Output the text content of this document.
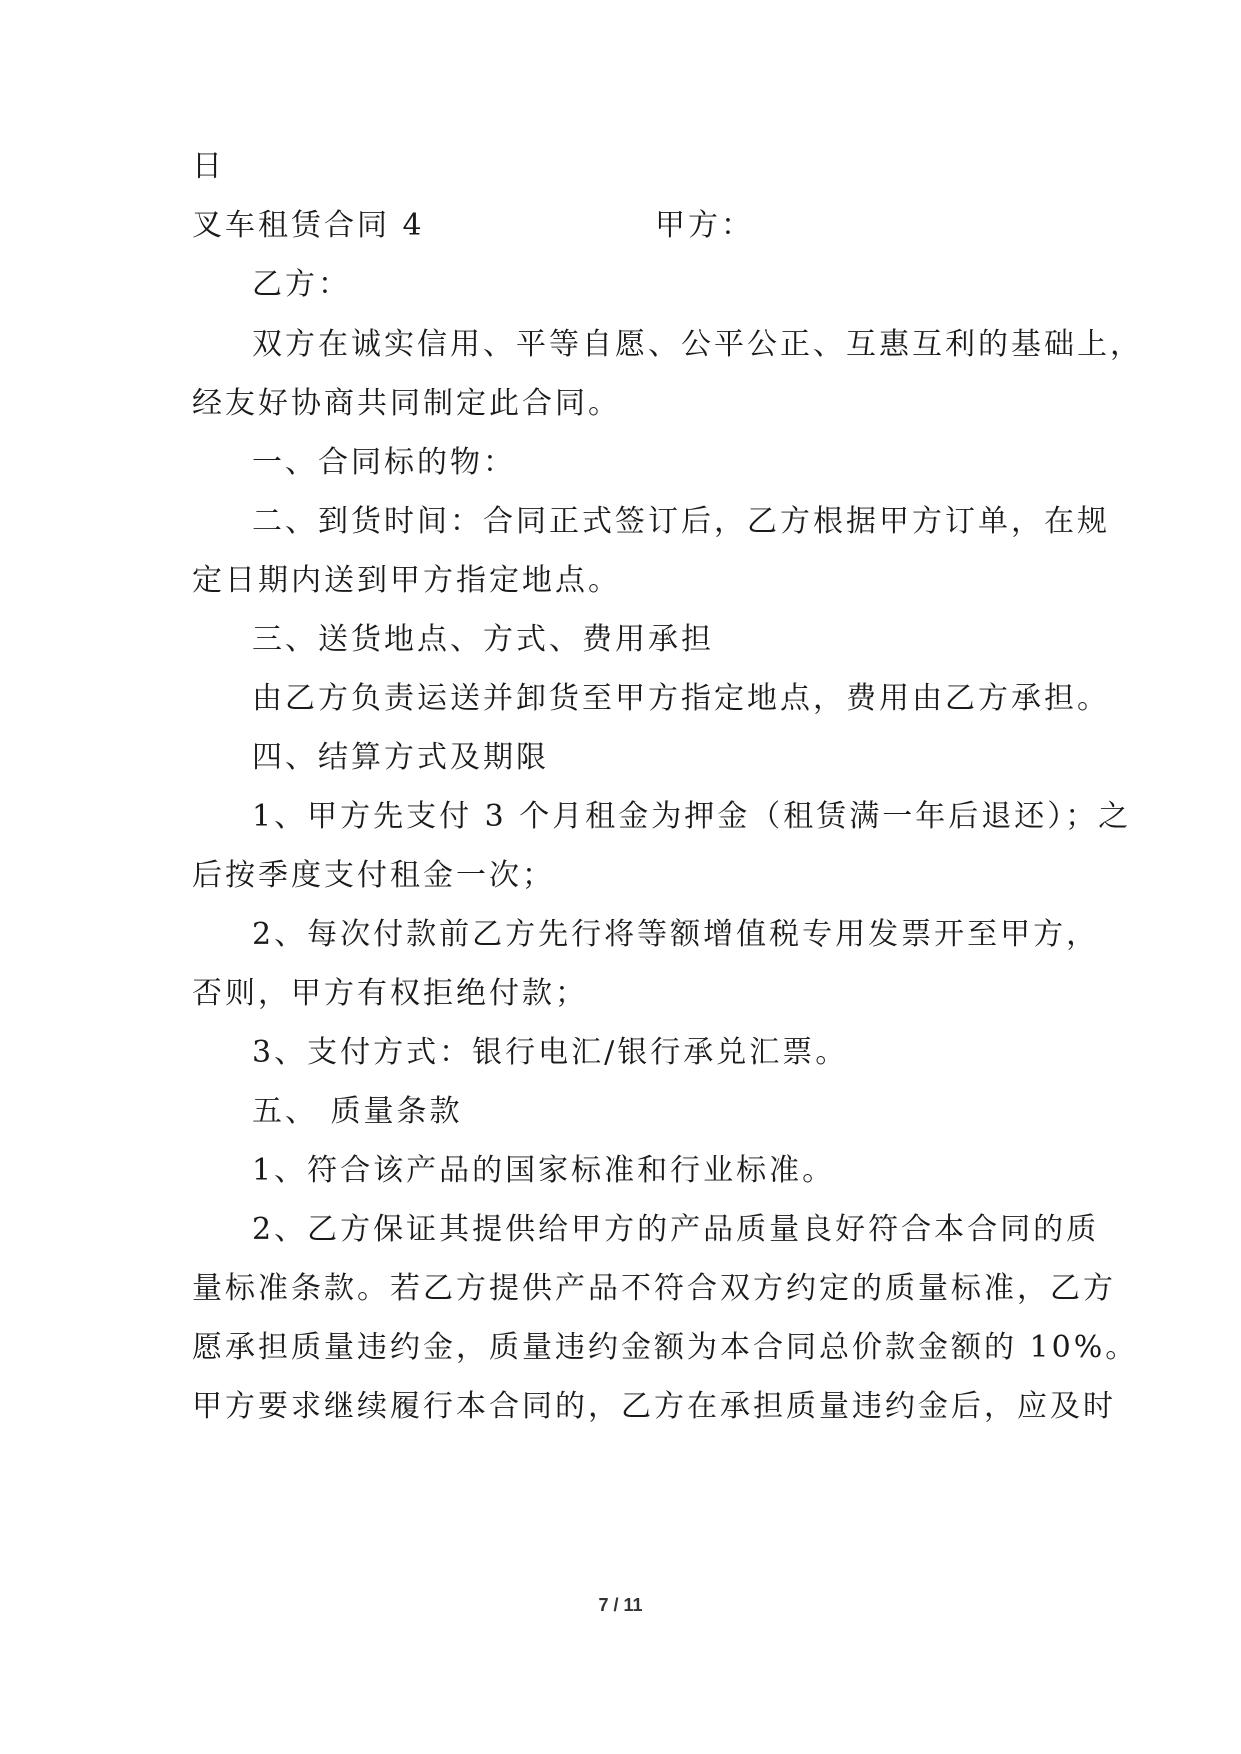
日
叉车租赁合同 4	甲方：
乙方：
双方在诚实信用、平等自愿、公平公正、互惠互利的基础上，
经友好协商共同制定此合同。
一、合同标的物：
二、到货时间：合同正式签订后，乙方根据甲方订单，在规
定日期内送到甲方指定地点。
三、送货地点、方式、费用承担
由乙方负责运送并卸货至甲方指定地点，费用由乙方承担。
四、结算方式及期限
1、甲方先支付 3 个月租金为押金（租赁满一年后退还）；之
后按季度支付租金一次；
2、每次付款前乙方先行将等额增值税专用发票开至甲方，
否则，甲方有权拒绝付款；
3、支付方式：银行电汇/银行承兑汇票。
五、 质量条款
1、符合该产品的国家标准和行业标准。
2、乙方保证其提供给甲方的产品质量良好符合本合同的质
量标准条款。若乙方提供产品不符合双方约定的质量标准，乙方
愿承担质量违约金，质量违约金额为本合同总价款金额的 10%。
甲方要求继续履行本合同的，乙方在承担质量违约金后，应及时
7 / 11
